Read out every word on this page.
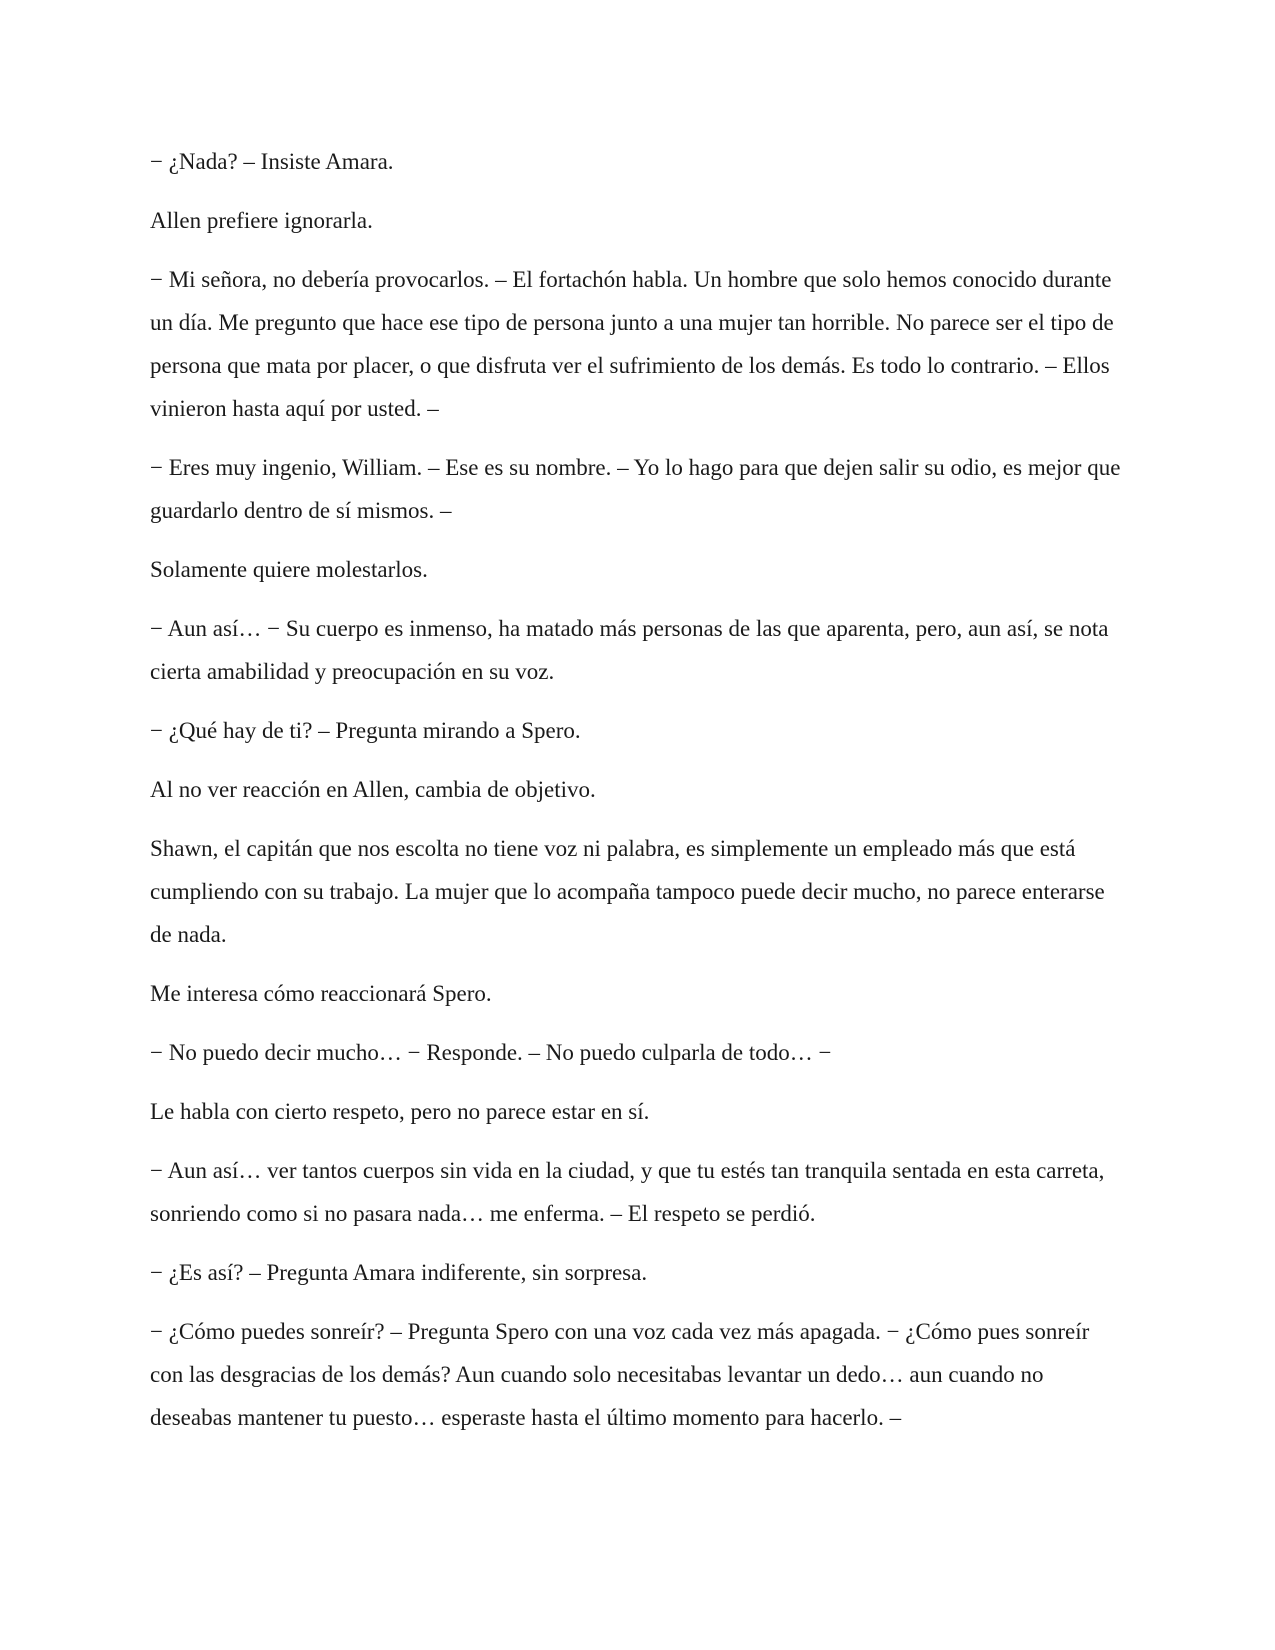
− ¿Nada? – Insiste Amara.

Allen prefiere ignorarla.

− Mi señora, no debería provocarlos. – El fortachón habla. Un hombre que solo hemos conocido durante un día. Me pregunto que hace ese tipo de persona junto a una mujer tan horrible. No parece ser el tipo de persona que mata por placer, o que disfruta ver el sufrimiento de los demás. Es todo lo contrario. – Ellos vinieron hasta aquí por usted. –

− Eres muy ingenio, William. – Ese es su nombre. – Yo lo hago para que dejen salir su odio, es mejor que guardarlo dentro de sí mismos. –

Solamente quiere molestarlos.

− Aun así… − Su cuerpo es inmenso, ha matado más personas de las que aparenta, pero, aun así, se nota cierta amabilidad y preocupación en su voz.

− ¿Qué hay de ti? – Pregunta mirando a Spero.

Al no ver reacción en Allen, cambia de objetivo.

Shawn, el capitán que nos escolta no tiene voz ni palabra, es simplemente un empleado más que está cumpliendo con su trabajo. La mujer que lo acompaña tampoco puede decir mucho, no parece enterarse de nada.

Me interesa cómo reaccionará Spero.

− No puedo decir mucho… − Responde. – No puedo culparla de todo… −

Le habla con cierto respeto, pero no parece estar en sí.

− Aun así… ver tantos cuerpos sin vida en la ciudad, y que tu estés tan tranquila sentada en esta carreta, sonriendo como si no pasara nada… me enferma. – El respeto se perdió.

− ¿Es así? – Pregunta Amara indiferente, sin sorpresa.

− ¿Cómo puedes sonreír? – Pregunta Spero con una voz cada vez más apagada. − ¿Cómo pues sonreír con las desgracias de los demás? Aun cuando solo necesitabas levantar un dedo… aun cuando no deseabas mantener tu puesto… esperaste hasta el último momento para hacerlo. –
